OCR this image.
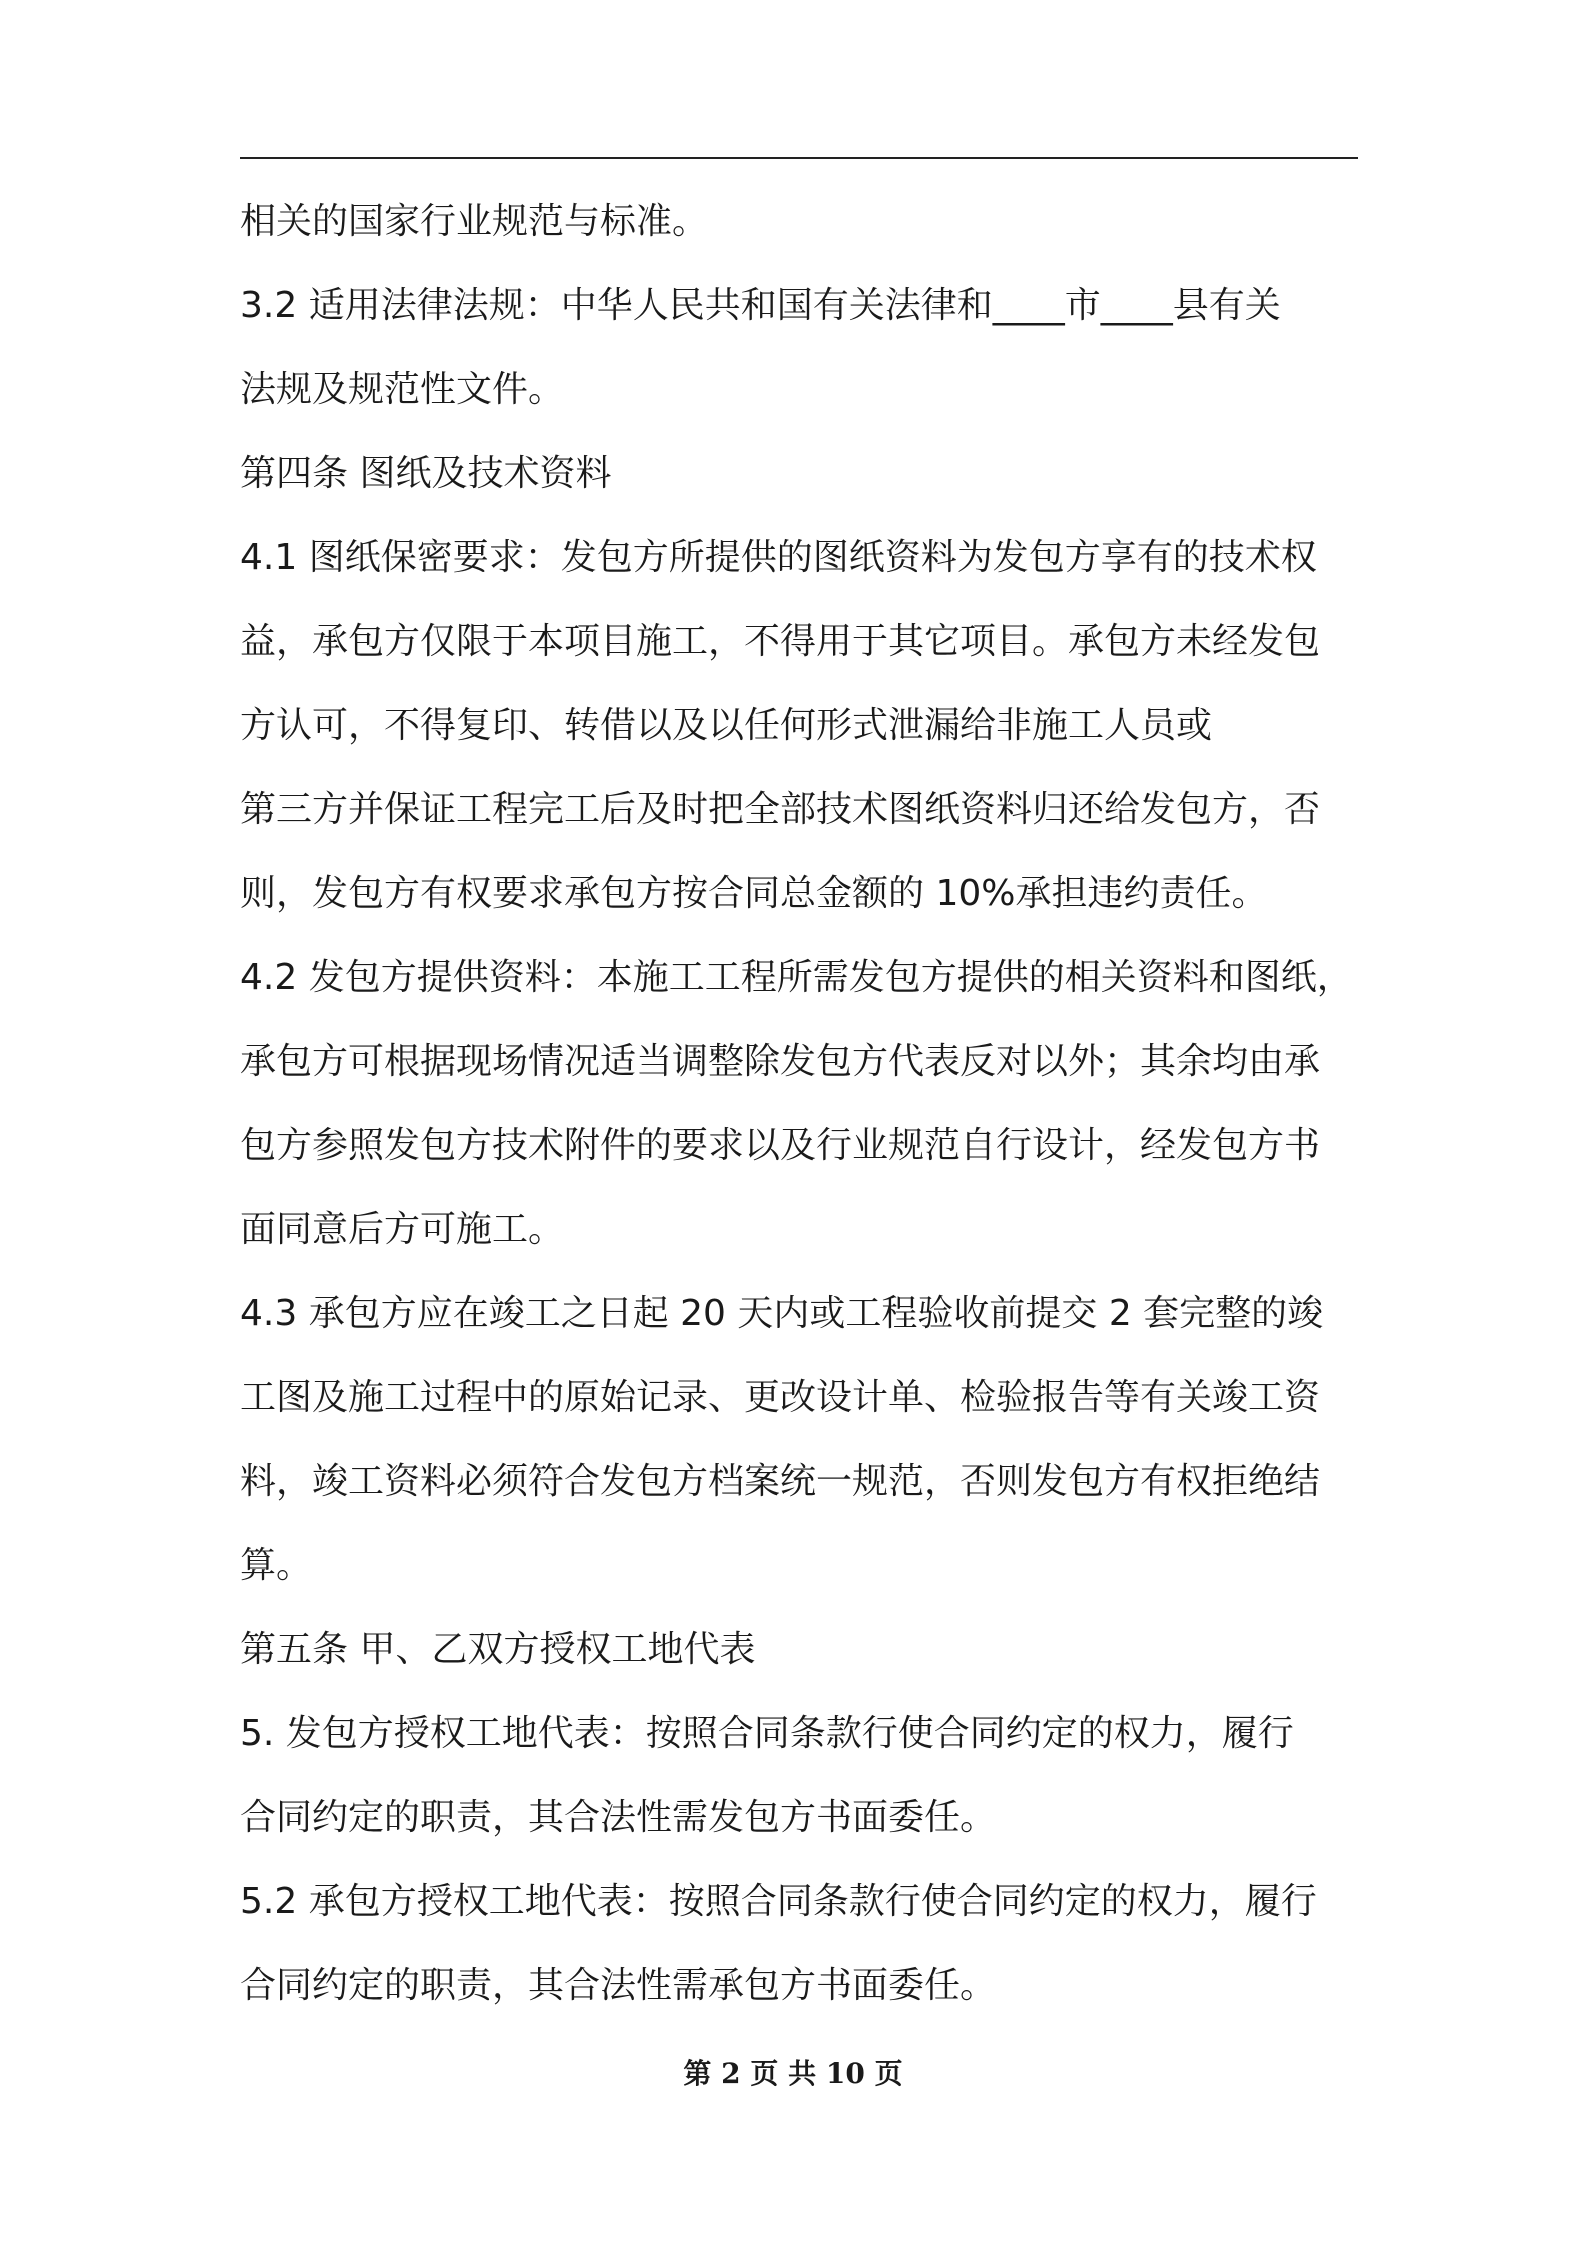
相关的国家行业规范与标准。
3.2 适用法律法规：中华人民共和国有关法律和____市____县有关
法规及规范性文件。
第四条 图纸及技术资料
4.1 图纸保密要求：发包方所提供的图纸资料为发包方享有的技术权
益，承包方仅限于本项目施工，不得用于其它项目。承包方未经发包
方认可，不得复印、转借以及以任何形式泄漏给非施工人员或
第三方并保证工程完工后及时把全部技术图纸资料归还给发包方，否
则，发包方有权要求承包方按合同总金额的 10%承担违约责任。
4.2 发包方提供资料：本施工工程所需发包方提供的相关资料和图纸，
承包方可根据现场情况适当调整除发包方代表反对以外；其余均由承
包方参照发包方技术附件的要求以及行业规范自行设计，经发包方书
面同意后方可施工。
4.3 承包方应在竣工之日起 20 天内或工程验收前提交 2 套完整的竣
工图及施工过程中的原始记录、更改设计单、检验报告等有关竣工资
料，竣工资料必须符合发包方档案统一规范，否则发包方有权拒绝结
算。
第五条 甲、乙双方授权工地代表
5. 发包方授权工地代表：按照合同条款行使合同约定的权力，履行
合同约定的职责，其合法性需发包方书面委任。
5.2 承包方授权工地代表：按照合同条款行使合同约定的权力，履行
合同约定的职责，其合法性需承包方书面委任。
第 2 页 共 10 页
